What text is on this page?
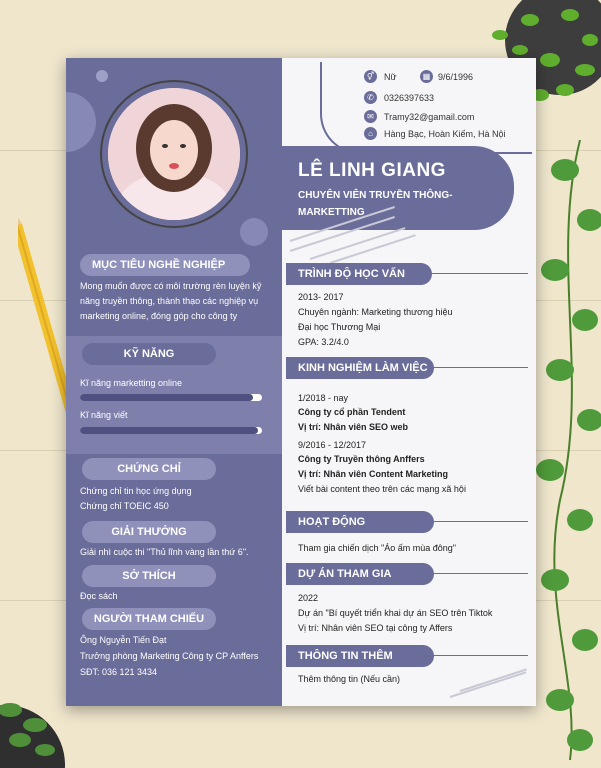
⚥	Nữ	▦ 9/6/1996
✆	0326397633
✉	Tramy32@gamail.com
⌂	Hàng Bạc, Hoàn Kiếm, Hà Nội
LÊ LINH GIANG
CHUYÊN VIÊN TRUYỀN THÔNG-
MARKETTING
MỤC TIÊU NGHỀ NGHIỆP
Mong muốn được có môi trường rèn luyện kỹ
năng truyền thông, thành thạo các nghiệp vụ
marketing online, đóng góp cho công ty
KỸ NĂNG
Kĩ năng marketting online
Kĩ năng viết
CHỨNG CHỈ
Chứng chỉ tin học ứng dụng
Chứng chỉ TOEIC 450
GIẢI THƯỞNG
Giải nhì cuộc thi "Thủ lĩnh vàng lần thứ 6".
SỞ THÍCH
Đọc sách
NGƯỜI THAM CHIẾU
Ông Nguyễn Tiến Đạt
Trưởng phòng Marketing Công ty CP Anffers
SĐT: 036 121 3434
TRÌNH ĐỘ HỌC VẤN
2013- 2017
Chuyên ngành: Marketing thương hiệu
Đại học Thương Mại
GPA: 3.2/4.0
KINH NGHIỆM LÀM VIỆC
1/2018 - nay
Công ty cổ phần Tendent
Vị trí: Nhân viên SEO web
9/2016 - 12/2017
Công ty Truyền thông Anffers
Vị trí: Nhân viên Content Marketing
Viết bài content theo trên các mạng xã hội
HOẠT ĐỘNG
Tham gia chiến dịch "Áo ấm mùa đông"
DỰ ÁN THAM GIA
2022
Dự án "Bí quyết triển khai dự án SEO trên Tiktok
Vị trí: Nhân viên SEO tại công ty Affers
THÔNG TIN THÊM
Thêm thông tin (Nếu cần)
